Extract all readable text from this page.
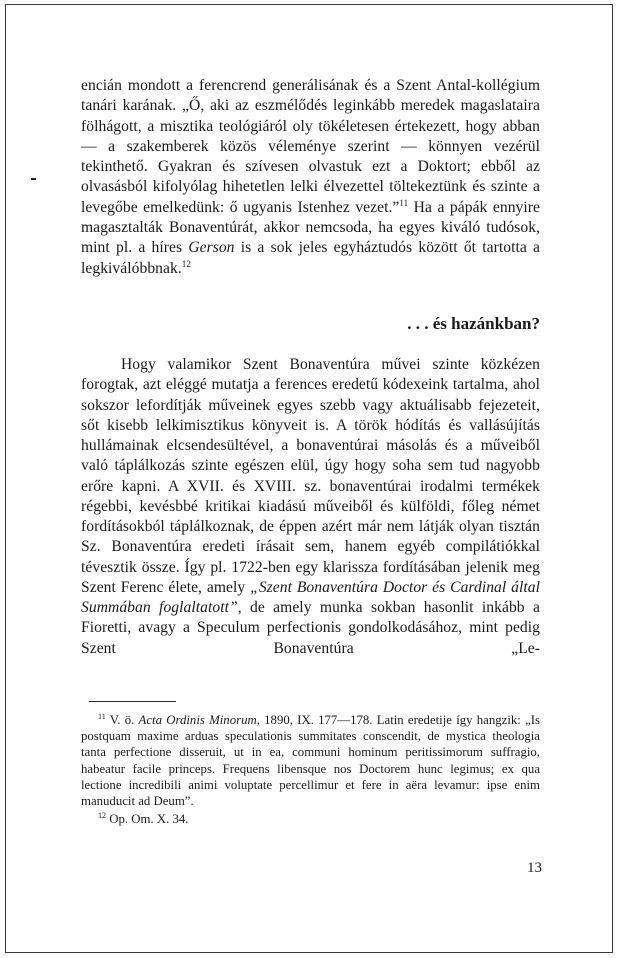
encián mondott a ferencrend generálisának és a Szent Antal-kollégium tanári karának. „Ő, aki az eszmélődés leginkább meredek magaslataira fölhágott, a misztika teológiáról oly tökéletesen értekezett, hogy abban — a szakemberek közös véleménye szerint — könnyen vezérül tekinthető. Gyakran és szívesen olvastuk ezt a Doktort; ebből az olvasásból kifolyólag hihetetlen lelki élvezettel töltekeztünk és szinte a levegőbe emelkedünk: ő ugyanis Istenhez vezet.”$^{11}$ Ha a pápák ennyire magasztalták Bonaventúrát, akkor nemcsoda, ha egyes kiváló tudósok, mint pl. a híres Gerson is a sok jeles egyháztudós között őt tartotta a legkiválóbbnak.$^{12}$

. . . és hazánkban?

Hogy valamikor Szent Bonaventúra művei szinte közkézen forogtak, azt eléggé mutatja a ferences eredetű kódexeink tartalma, ahol sokszor lefordítják műveinek egyes szebb vagy aktuálisabb fejezeteit, sőt kisebb lelkimisztikus könyveit is. A török hódítás és vallásújítás hullámainak elcsendesültével, a bonaventúrai másolás és a műveiből való táplálkozás szinte egészen elül, úgy hogy soha sem tud nagyobb erőre kapni. A XVII. és XVIII. sz. bonaventúrai irodalmi termékek régebbi, kevésbbé kritikai kiadású műveiből és külföldi, főleg német fordításokból táplálkoznak, de éppen azért már nem látják olyan tisztán Sz. Bonaventúra eredeti írásait sem, hanem egyéb compilátiókkal tévesztik össze. Így pl. 1722-ben egy klarissza fordításában jelenik meg Szent Ferenc élete, amely „Szent Bonaventúra Doctor és Cardinal által Summában foglaltatott”, de amely munka sokban hasonlit inkább a Fioretti, avagy a Speculum perfectionis gondolkodásához, mint pedig Szent Bonaventúra „Le-

$^{11}$ V. ö. Acta Ordinis Minorum, 1890, IX. 177—178. Latin eredetije így hangzik: „Is postquam maxime arduas speculationis summitates conscendit, de mystica theologia tanta perfectione disseruit, ut in ea, communi hominum peritissimorum suffragio, habeatur facile princeps. Frequens libensque nos Doctorem hunc legimus; ex qua lectione incredibili animi voluptate percellimur et fere in aëra levamur: ipse enim manuducit ad Deum”.

$^{12}$ Op. Om. X. 34.

13
